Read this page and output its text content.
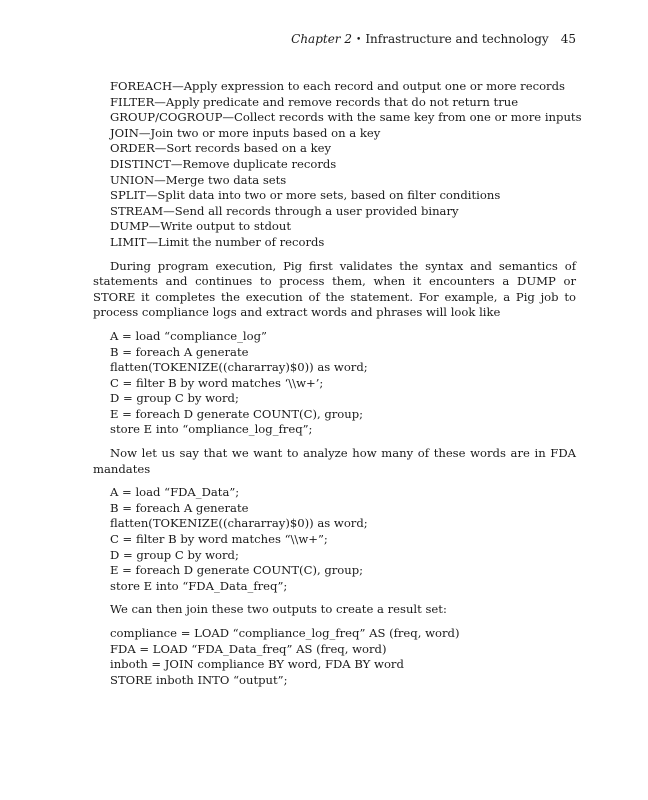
Chapter 2 • Infrastructure and technology 45
FOREACH—Apply expression to each record and output one or more records
FILTER—Apply predicate and remove records that do not return true
GROUP/COGROUP—Collect records with the same key from one or more inputs
JOIN—Join two or more inputs based on a key
ORDER—Sort records based on a key
DISTINCT—Remove duplicate records
UNION—Merge two data sets
SPLIT—Split data into two or more sets, based on filter conditions
STREAM—Send all records through a user provided binary
DUMP—Write output to stdout
LIMIT—Limit the number of records

During program execution, Pig first validates the syntax and semantics of statements and continues to process them, when it encounters a DUMP or STORE it completes the execution of the statement. For example, a Pig job to process compliance logs and extract words and phrases will look like

A = load “compliance_log”
B = foreach A generate
flatten(TOKENIZE((chararray)$0)) as word;
C = filter B by word matches ‘\\w+’;
D = group C by word;
E = foreach D generate COUNT(C), group;
store E into “ompliance_log_freq”;

Now let us say that we want to analyze how many of these words are in FDA mandates

A = load “FDA_Data”;
B = foreach A generate
flatten(TOKENIZE((chararray)$0)) as word;
C = filter B by word matches “\\w+”;
D = group C by word;
E = foreach D generate COUNT(C), group;
store E into “FDA_Data_freq”;

We can then join these two outputs to create a result set:

compliance = LOAD “compliance_log_freq” AS (freq, word)
FDA = LOAD “FDA_Data_freq” AS (freq, word)
inboth = JOIN compliance BY word, FDA BY word
STORE inboth INTO “output”;
